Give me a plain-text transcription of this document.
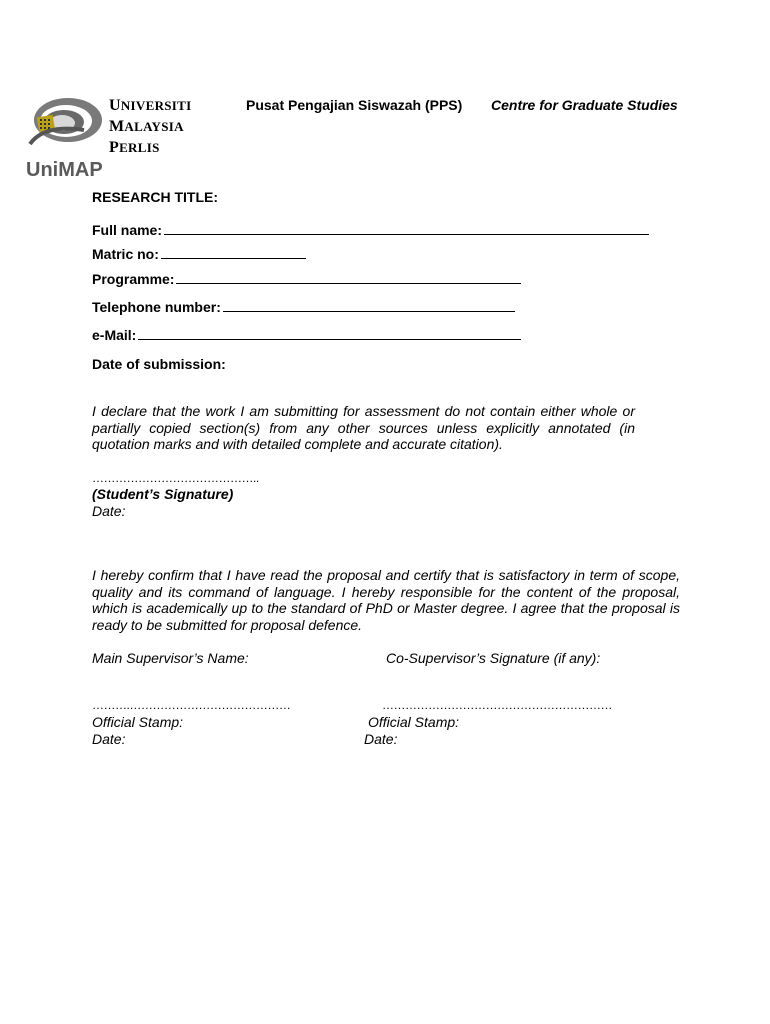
UniMAP
UNIVERSITI
MALAYSIA
PERLIS
Pusat Pengajian Siswazah (PPS) Centre for Graduate Studies
RESEARCH TITLE:
Full name:
Matric no:
Programme:
Telephone number:
e-Mail:
Date of submission:
I declare that the work I am submitting for assessment do not contain either whole or partially copied section(s) from any other sources unless explicitly annotated (in quotation marks and with detailed complete and accurate citation).
……………………………………..
(Student’s Signature)
Date:
I hereby confirm that I have read the proposal and certify that is satisfactory in term of scope, quality and its command of language. I hereby responsible for the content of the proposal, which is academically up to the standard of PhD or Master degree. I agree that the proposal is ready to be submitted for proposal defence.
Main Supervisor’s Name:	Co-Supervisor’s Signature (if any):
……….……………………………………	……………………………………………………
Official Stamp:
Date:
Official Stamp:
Date:
